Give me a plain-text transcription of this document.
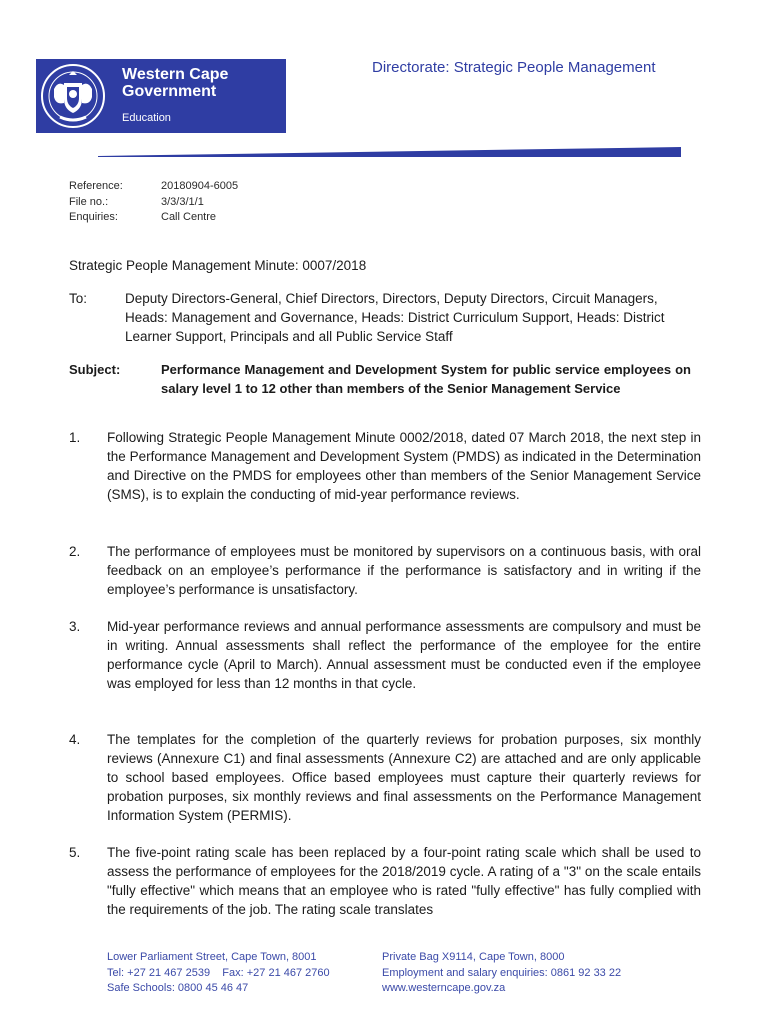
Western Cape
Government
Education
Directorate: Strategic People Management
Reference:	20180904-6005
File no.:	3/3/3/1/1
Enquiries:	Call Centre
Strategic People Management Minute: 0007/2018
To:	Deputy Directors-General, Chief Directors, Directors, Deputy Directors, Circuit Managers, Heads: Management and Governance, Heads: District Curriculum Support, Heads: District Learner Support, Principals and all Public Service Staff
Subject:	Performance Management and Development System for public service employees on salary level 1 to 12 other than members of the Senior Management Service
1. Following Strategic People Management Minute 0002/2018, dated 07 March 2018, the next step in the Performance Management and Development System (PMDS) as indicated in the Determination and Directive on the PMDS for employees other than members of the Senior Management Service (SMS), is to explain the conducting of mid-year performance reviews.
2. The performance of employees must be monitored by supervisors on a continuous basis, with oral feedback on an employee’s performance if the performance is satisfactory and in writing if the employee’s performance is unsatisfactory.
3. Mid-year performance reviews and annual performance assessments are compulsory and must be in writing. Annual assessments shall reflect the performance of the employee for the entire performance cycle (April to March). Annual assessment must be conducted even if the employee was employed for less than 12 months in that cycle.
4. The templates for the completion of the quarterly reviews for probation purposes, six monthly reviews (Annexure C1) and final assessments (Annexure C2) are attached and are only applicable to school based employees. Office based employees must capture their quarterly reviews for probation purposes, six monthly reviews and final assessments on the Performance Management Information System (PERMIS).
5. The five-point rating scale has been replaced by a four-point rating scale which shall be used to assess the performance of employees for the 2018/2019 cycle. A rating of a "3" on the scale entails "fully effective" which means that an employee who is rated "fully effective" has fully complied with the requirements of the job. The rating scale translates
Lower Parliament Street, Cape Town, 8001
Tel: +27 21 467 2539    Fax: +27 21 467 2760
Safe Schools: 0800 45 46 47
Private Bag X9114, Cape Town, 8000
Employment and salary enquiries: 0861 92 33 22
www.westerncape.gov.za
